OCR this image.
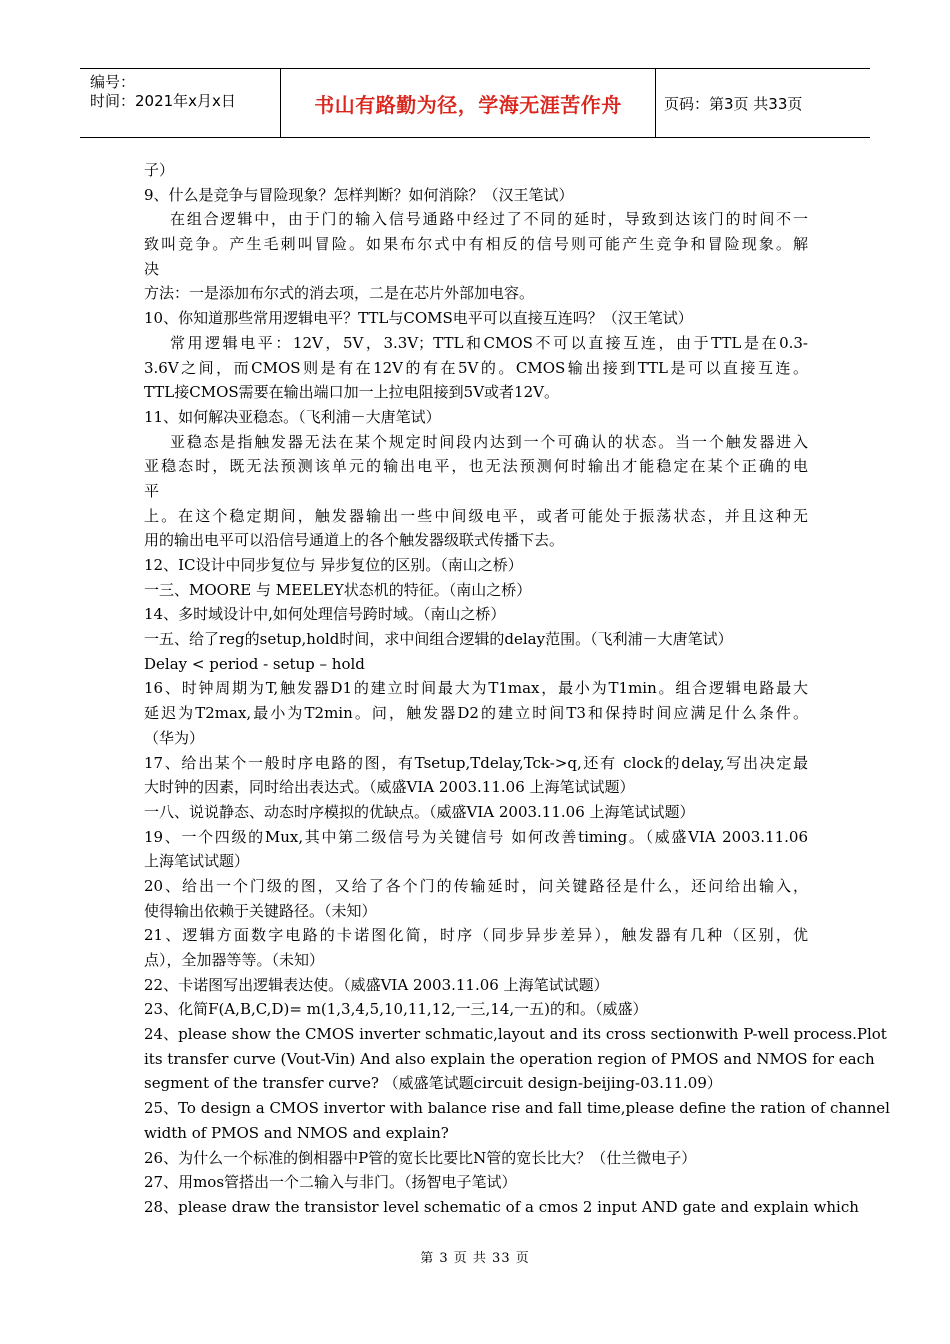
编号：
时间：2021年x月x日	书山有路勤为径，学海无涯苦作舟	页码：第3页 共33页
子）
9、什么是竞争与冒险现象？怎样判断？如何消除？（汉王笔试）
在组合逻辑中，由于门的输入信号通路中经过了不同的延时，导致到达该门的时间不一
致叫竞争。产生毛刺叫冒险。如果布尔式中有相反的信号则可能产生竞争和冒险现象。解
决
方法：一是添加布尔式的消去项，二是在芯片外部加电容。
10、你知道那些常用逻辑电平？TTL与COMS电平可以直接互连吗？（汉王笔试）
常用逻辑电平：12V，5V，3.3V；TTL和CMOS不可以直接互连，由于TTL是在0.3-
3.6V之间，而CMOS则是有在12V的有在5V的。CMOS输出接到TTL是可以直接互连。
TTL接CMOS需要在输出端口加一上拉电阻接到5V或者12V。
11、如何解决亚稳态。（飞利浦－大唐笔试）
亚稳态是指触发器无法在某个规定时间段内达到一个可确认的状态。当一个触发器进入
亚稳态时，既无法预测该单元的输出电平，也无法预测何时输出才能稳定在某个正确的电
平
上。在这个稳定期间，触发器输出一些中间级电平，或者可能处于振荡状态，并且这种无
用的输出电平可以沿信号通道上的各个触发器级联式传播下去。
12、IC设计中同步复位与 异步复位的区别。（南山之桥）
一三、MOORE 与 MEELEY状态机的特征。（南山之桥）
14、多时域设计中,如何处理信号跨时域。（南山之桥）
一五、给了reg的setup,hold时间，求中间组合逻辑的delay范围。（飞利浦－大唐笔试）
Delay < period - setup – hold
16、时钟周期为T,触发器D1的建立时间最大为T1max，最小为T1min。组合逻辑电路最大
延迟为T2max,最小为T2min。问，触发器D2的建立时间T3和保持时间应满足什么条件。
（华为）
17、给出某个一般时序电路的图，有Tsetup,Tdelay,Tck->q,还有 clock的delay,写出决定最
大时钟的因素，同时给出表达式。（威盛VIA 2003.11.06 上海笔试试题）
一八、说说静态、动态时序模拟的优缺点。（威盛VIA 2003.11.06 上海笔试试题）
19、一个四级的Mux,其中第二级信号为关键信号 如何改善timing。（威盛VIA 2003.11.06
上海笔试试题）
20、给出一个门级的图，又给了各个门的传输延时，问关键路径是什么，还问给出输入，
使得输出依赖于关键路径。（未知）
21、逻辑方面数字电路的卡诺图化简，时序（同步异步差异），触发器有几种（区别，优
点），全加器等等。（未知）
22、卡诺图写出逻辑表达使。（威盛VIA 2003.11.06 上海笔试试题）
23、化简F(A,B,C,D)= m(1,3,4,5,10,11,12,一三,14,一五)的和。（威盛）
24、please show the CMOS inverter schmatic,layout and its cross sectionwith P-well process.Plot
its transfer curve (Vout-Vin) And also explain the operation region of PMOS and NMOS for each
segment of the transfer curve? （威盛笔试题circuit design-beijing-03.11.09）
25、To design a CMOS invertor with balance rise and fall time,please define the ration of channel
width of PMOS and NMOS and explain?
26、为什么一个标准的倒相器中P管的宽长比要比N管的宽长比大？（仕兰微电子）
27、用mos管搭出一个二输入与非门。（扬智电子笔试）
28、please draw the transistor level schematic of a cmos 2 input AND gate and explain which
第 3 页 共 33 页
